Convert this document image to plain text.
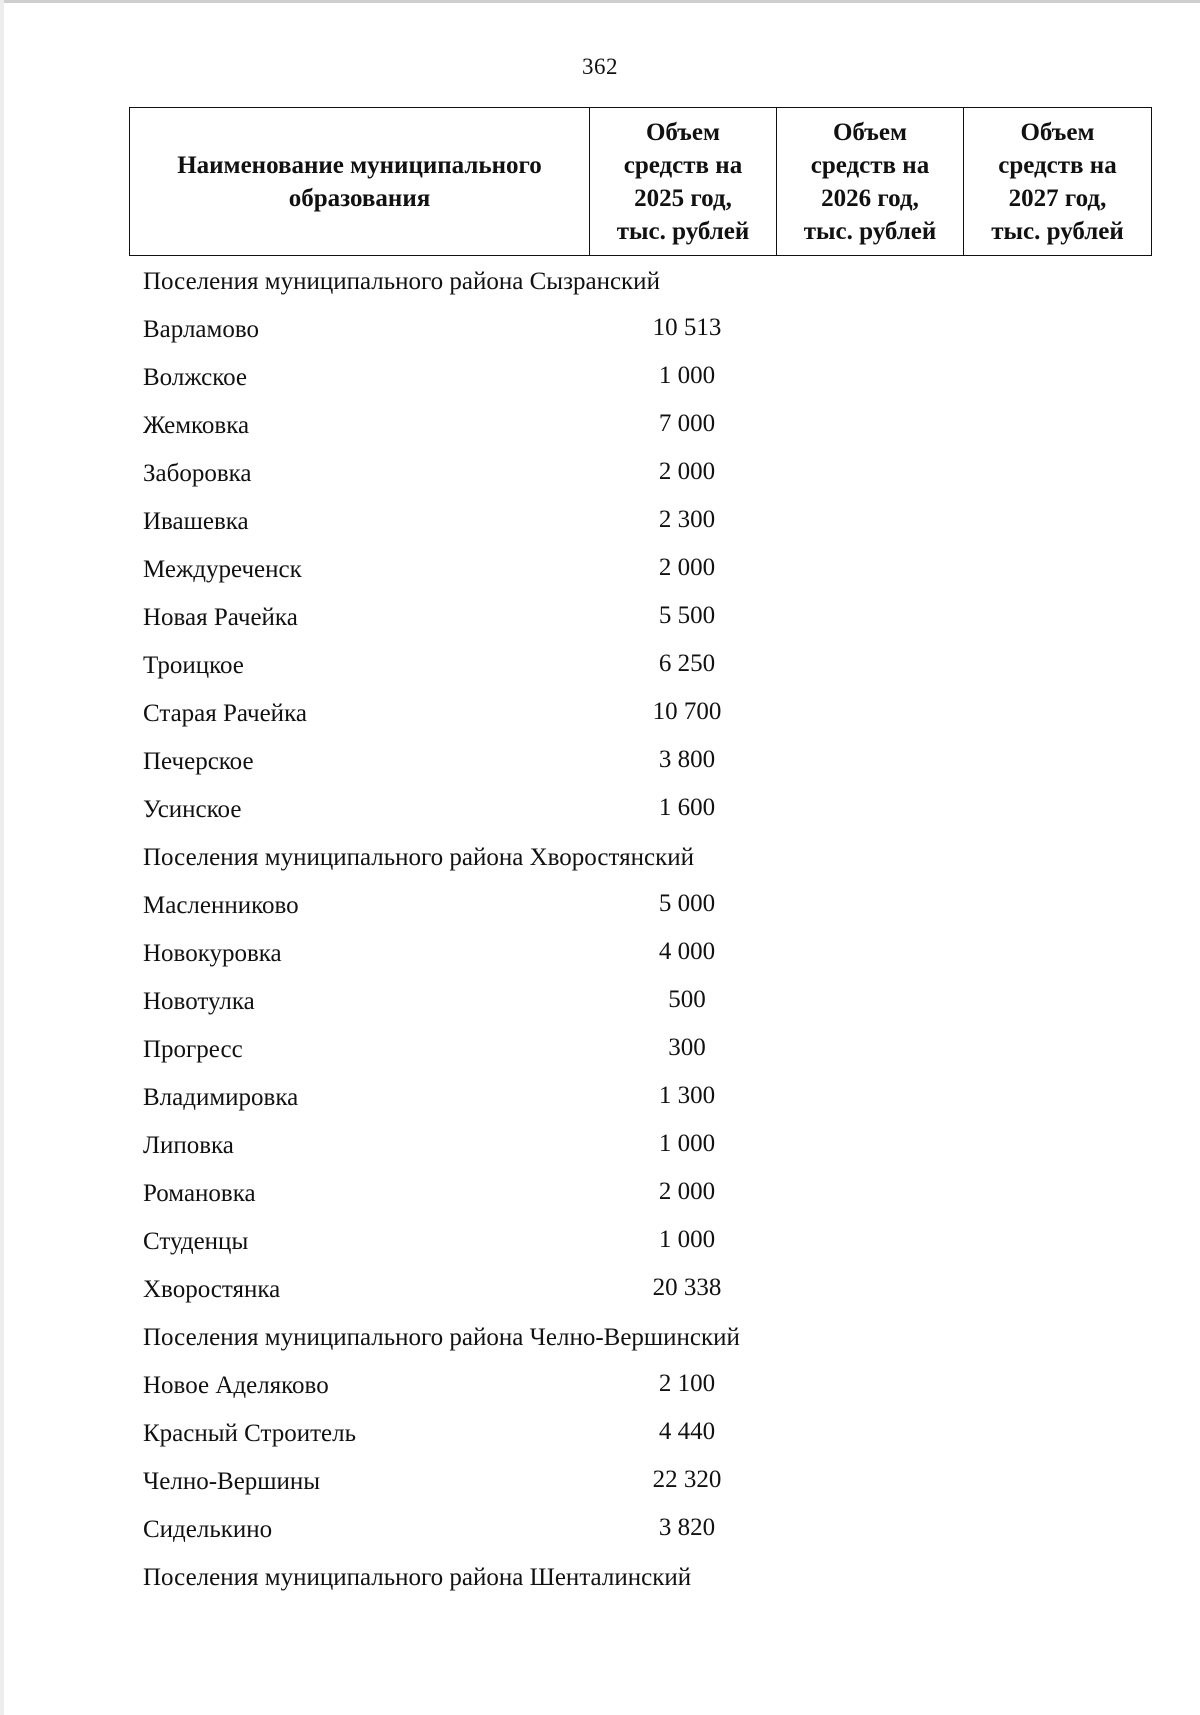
362
Наименование муниципального образования	Объем
средств на
2025 год,
тыс. рублей	Объем
средств на
2026 год,
тыс. рублей	Объем
средств на
2027 год,
тыс. рублей
Поселения муниципального района Сызранский
Варламово	10 513
Волжское	1 000
Жемковка	7 000
Заборовка	2 000
Ивашевка	2 300
Междуреченск	2 000
Новая Рачейка	5 500
Троицкое	6 250
Старая Рачейка	10 700
Печерское	3 800
Усинское	1 600
Поселения муниципального района Хворостянский
Масленниково	5 000
Новокуровка	4 000
Новотулка	500
Прогресс	300
Владимировка	1 300
Липовка	1 000
Романовка	2 000
Студенцы	1 000
Хворостянка	20 338
Поселения муниципального района Челно-Вершинский
Новое Аделяково	2 100
Красный Строитель	4 440
Челно-Вершины	22 320
Сиделькино	3 820
Поселения муниципального района Шенталинский
